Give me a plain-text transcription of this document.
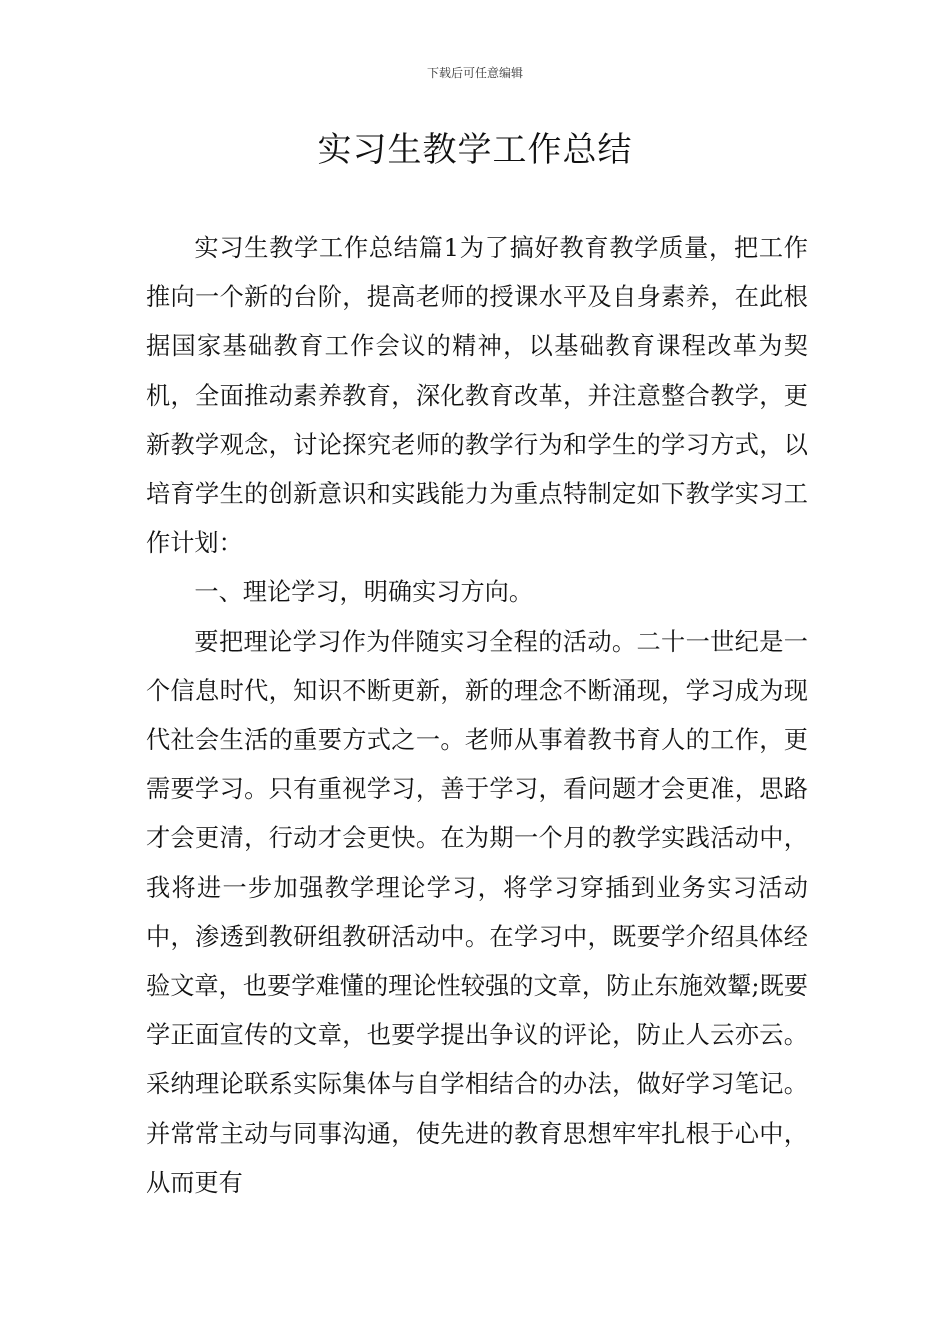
下载后可任意编辑
实习生教学工作总结

实习生教学工作总结篇1为了搞好教育教学质量，把工作推向一个新的台阶，提高老师的授课水平及自身素养，在此根据国家基础教育工作会议的精神，以基础教育课程改革为契机，全面推动素养教育，深化教育改革，并注意整合教学，更新教学观念，讨论探究老师的教学行为和学生的学习方式，以培育学生的创新意识和实践能力为重点特制定如下教学实习工作计划：

一、理论学习，明确实习方向。

要把理论学习作为伴随实习全程的活动。二十一世纪是一个信息时代，知识不断更新，新的理念不断涌现，学习成为现代社会生活的重要方式之一。老师从事着教书育人的工作，更需要学习。只有重视学习，善于学习，看问题才会更准，思路才会更清，行动才会更快。在为期一个月的教学实践活动中，我将进一步加强教学理论学习，将学习穿插到业务实习活动中，渗透到教研组教研活动中。在学习中，既要学介绍具体经验文章，也要学难懂的理论性较强的文章，防止东施效颦;既要学正面宣传的文章，也要学提出争议的评论，防止人云亦云。采纳理论联系实际集体与自学相结合的办法，做好学习笔记。并常常主动与同事沟通，使先进的教育思想牢牢扎根于心中，从而更有
